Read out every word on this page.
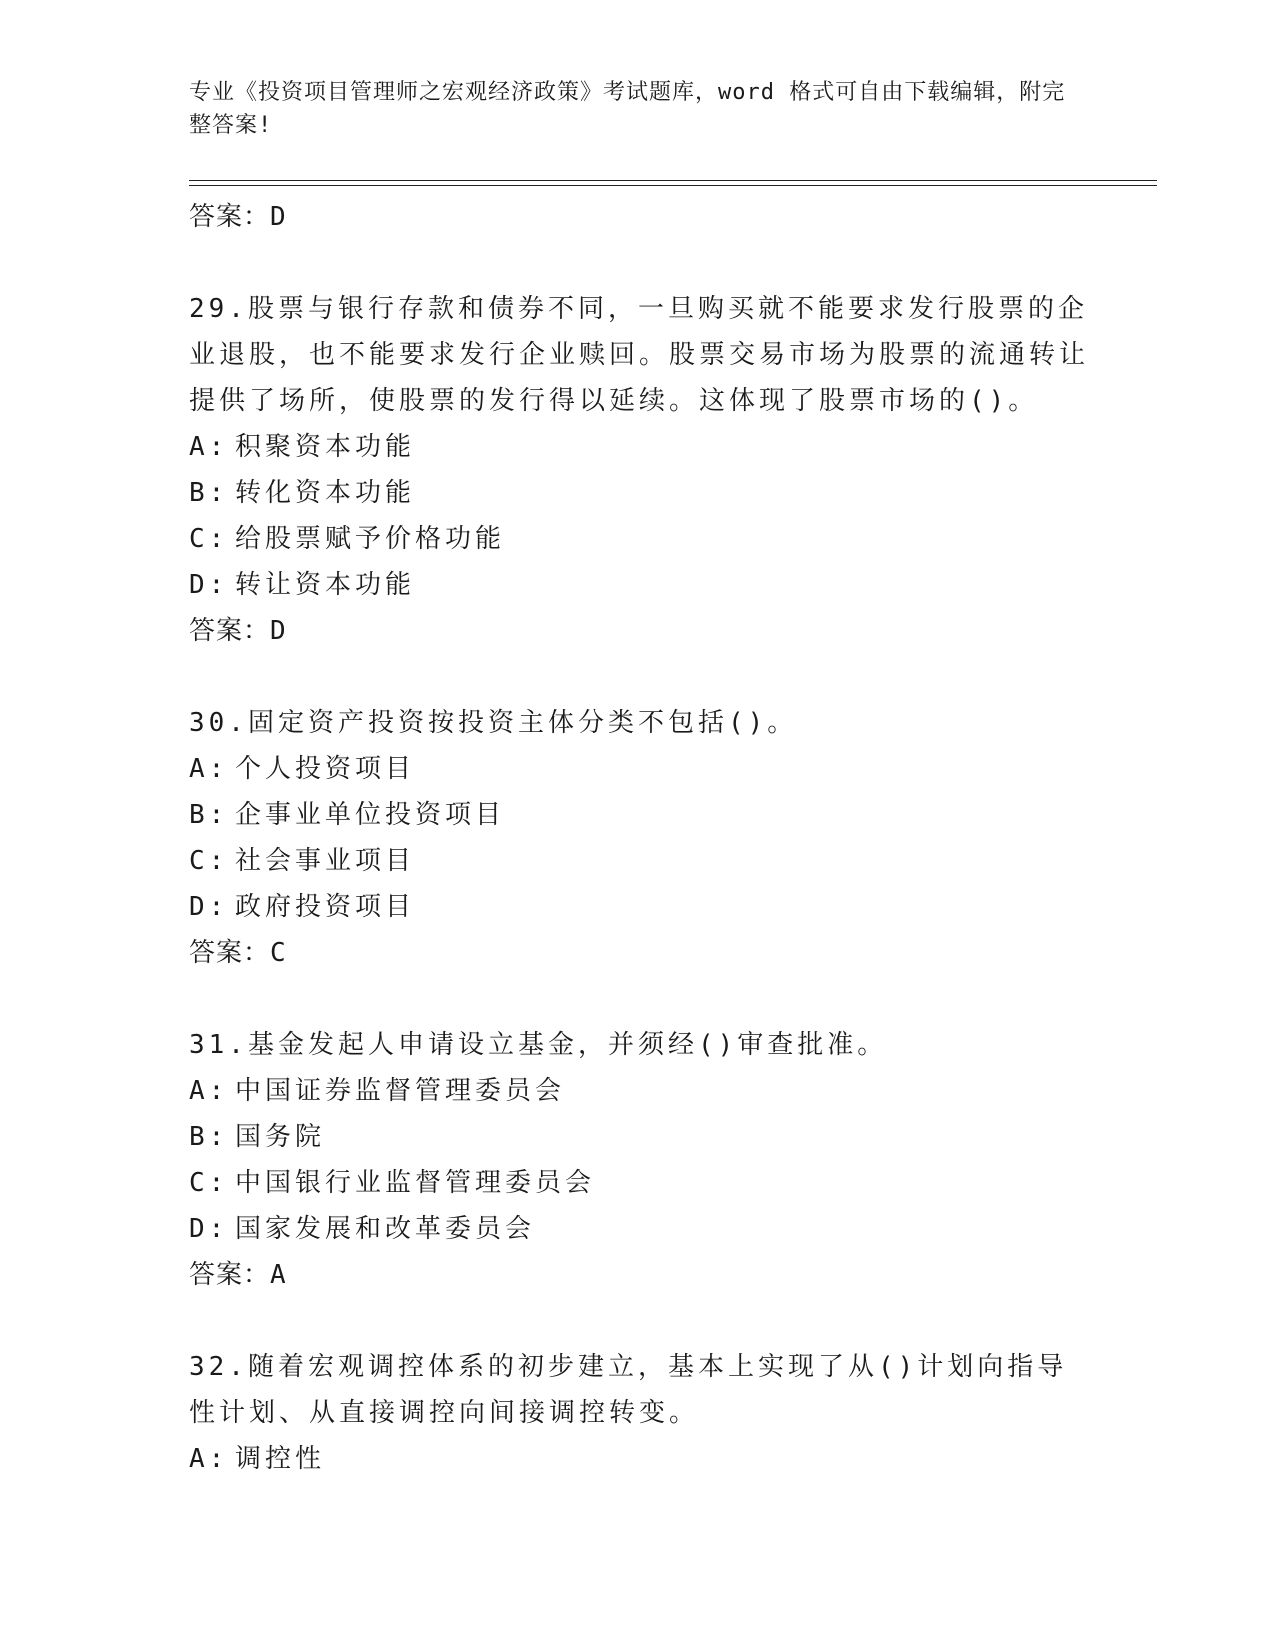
专业《投资项目管理师之宏观经济政策》考试题库，word 格式可自由下载编辑，附完整答案!
答案：D
29.股票与银行存款和债券不同，一旦购买就不能要求发行股票的企业退股，也不能要求发行企业赎回。股票交易市场为股票的流通转让提供了场所，使股票的发行得以延续。这体现了股票市场的()。
A: 积聚资本功能
B: 转化资本功能
C: 给股票赋予价格功能
D: 转让资本功能
答案：D
30.固定资产投资按投资主体分类不包括()。
A: 个人投资项目
B: 企事业单位投资项目
C: 社会事业项目
D: 政府投资项目
答案：C
31.基金发起人申请设立基金，并须经()审查批准。
A: 中国证券监督管理委员会
B: 国务院
C: 中国银行业监督管理委员会
D: 国家发展和改革委员会
答案：A
32.随着宏观调控体系的初步建立，基本上实现了从()计划向指导性计划、从直接调控向间接调控转变。
A: 调控性
